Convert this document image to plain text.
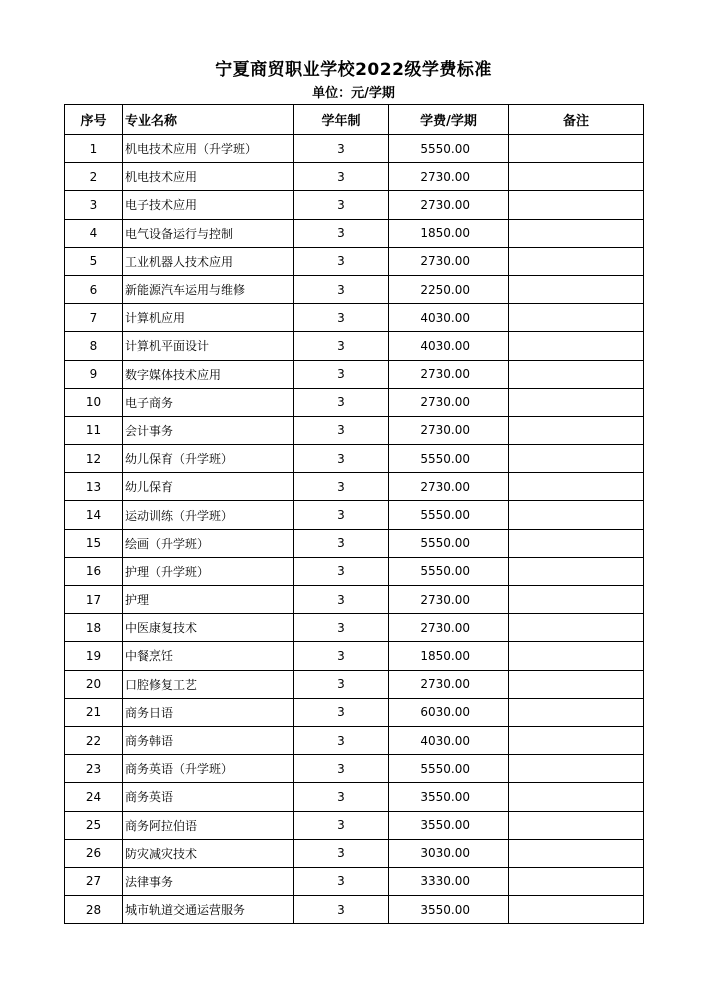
宁夏商贸职业学校2022级学费标准
单位：元/学期
序号	专业名称	学年制	学费/学期	备注
1	机电技术应用（升学班）	3	5550.00	
2	机电技术应用	3	2730.00	
3	电子技术应用	3	2730.00	
4	电气设备运行与控制	3	1850.00	
5	工业机器人技术应用	3	2730.00	
6	新能源汽车运用与维修	3	2250.00	
7	计算机应用	3	4030.00	
8	计算机平面设计	3	4030.00	
9	数字媒体技术应用	3	2730.00	
10	电子商务	3	2730.00	
11	会计事务	3	2730.00	
12	幼儿保育（升学班）	3	5550.00	
13	幼儿保育	3	2730.00	
14	运动训练（升学班）	3	5550.00	
15	绘画（升学班）	3	5550.00	
16	护理（升学班）	3	5550.00	
17	护理	3	2730.00	
18	中医康复技术	3	2730.00	
19	中餐烹饪	3	1850.00	
20	口腔修复工艺	3	2730.00	
21	商务日语	3	6030.00	
22	商务韩语	3	4030.00	
23	商务英语（升学班）	3	5550.00	
24	商务英语	3	3550.00	
25	商务阿拉伯语	3	3550.00	
26	防灾减灾技术	3	3030.00	
27	法律事务	3	3330.00	
28	城市轨道交通运营服务	3	3550.00	
